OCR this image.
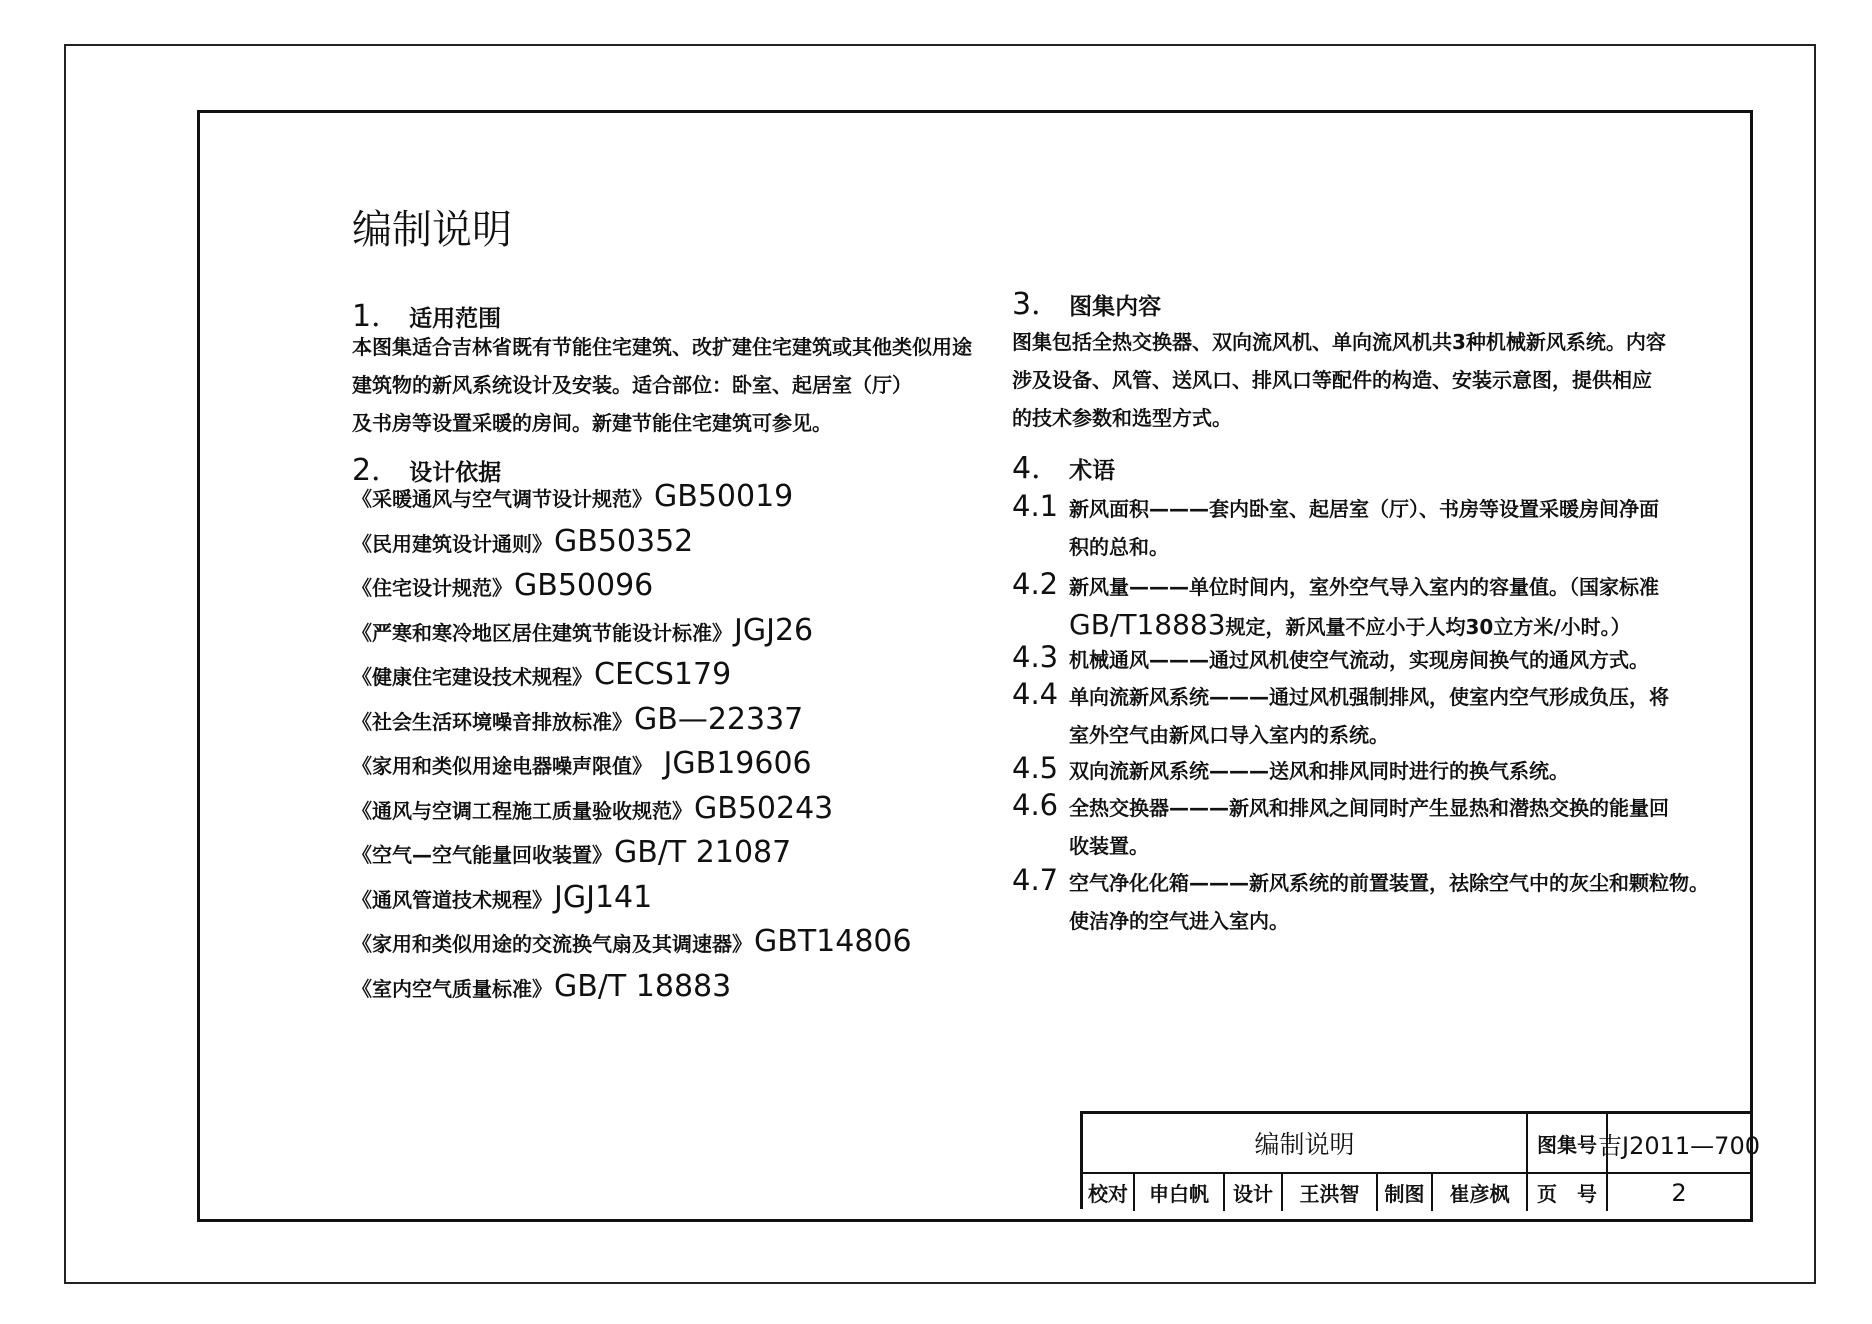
编制说明
1． 适用范围
本图集适合吉林省既有节能住宅建筑、改扩建住宅建筑或其他类似用途
建筑物的新风系统设计及安装。适合部位：卧室、起居室（厅）
及书房等设置采暖的房间。新建节能住宅建筑可参见。
2． 设计依据
《采暖通风与空气调节设计规范》GB50019
《民用建筑设计通则》GB50352
《住宅设计规范》GB50096
《严寒和寒冷地区居住建筑节能设计标准》JGJ26
《健康住宅建设技术规程》CECS179
《社会生活环境噪音排放标准》GB—22337
《家用和类似用途电器噪声限值》 JGB19606
《通风与空调工程施工质量验收规范》GB50243
《空气—空气能量回收装置》GB/T 21087
《通风管道技术规程》JGJ141
《家用和类似用途的交流换气扇及其调速器》GBT14806
《室内空气质量标准》GB/T 18883
3． 图集内容
图集包括全热交换器、双向流风机、单向流风机共3种机械新风系统。内容
涉及设备、风管、送风口、排风口等配件的构造、安装示意图，提供相应
的技术参数和选型方式。
4． 术语
4.1 新风面积———套内卧室、起居室（厅）、书房等设置采暖房间净面
积的总和。
4.2 新风量———单位时间内，室外空气导入室内的容量值。（国家标准
GB/T18883规定，新风量不应小于人均30立方米/小时。）
4.3 机械通风———通过风机使空气流动，实现房间换气的通风方式。
4.4 单向流新风系统———通过风机强制排风，使室内空气形成负压，将
室外空气由新风口导入室内的系统。
4.5 双向流新风系统———送风和排风同时进行的换气系统。
4.6 全热交换器———新风和排风之间同时产生显热和潜热交换的能量回
收装置。
4.7 空气净化化箱———新风系统的前置装置，祛除空气中的灰尘和颗粒物。
使洁净的空气进入室内。
编制说明	图集号 吉J2011—700
校对	申白帆	设计	王洪智	制图	崔彦枫	页　号	2
